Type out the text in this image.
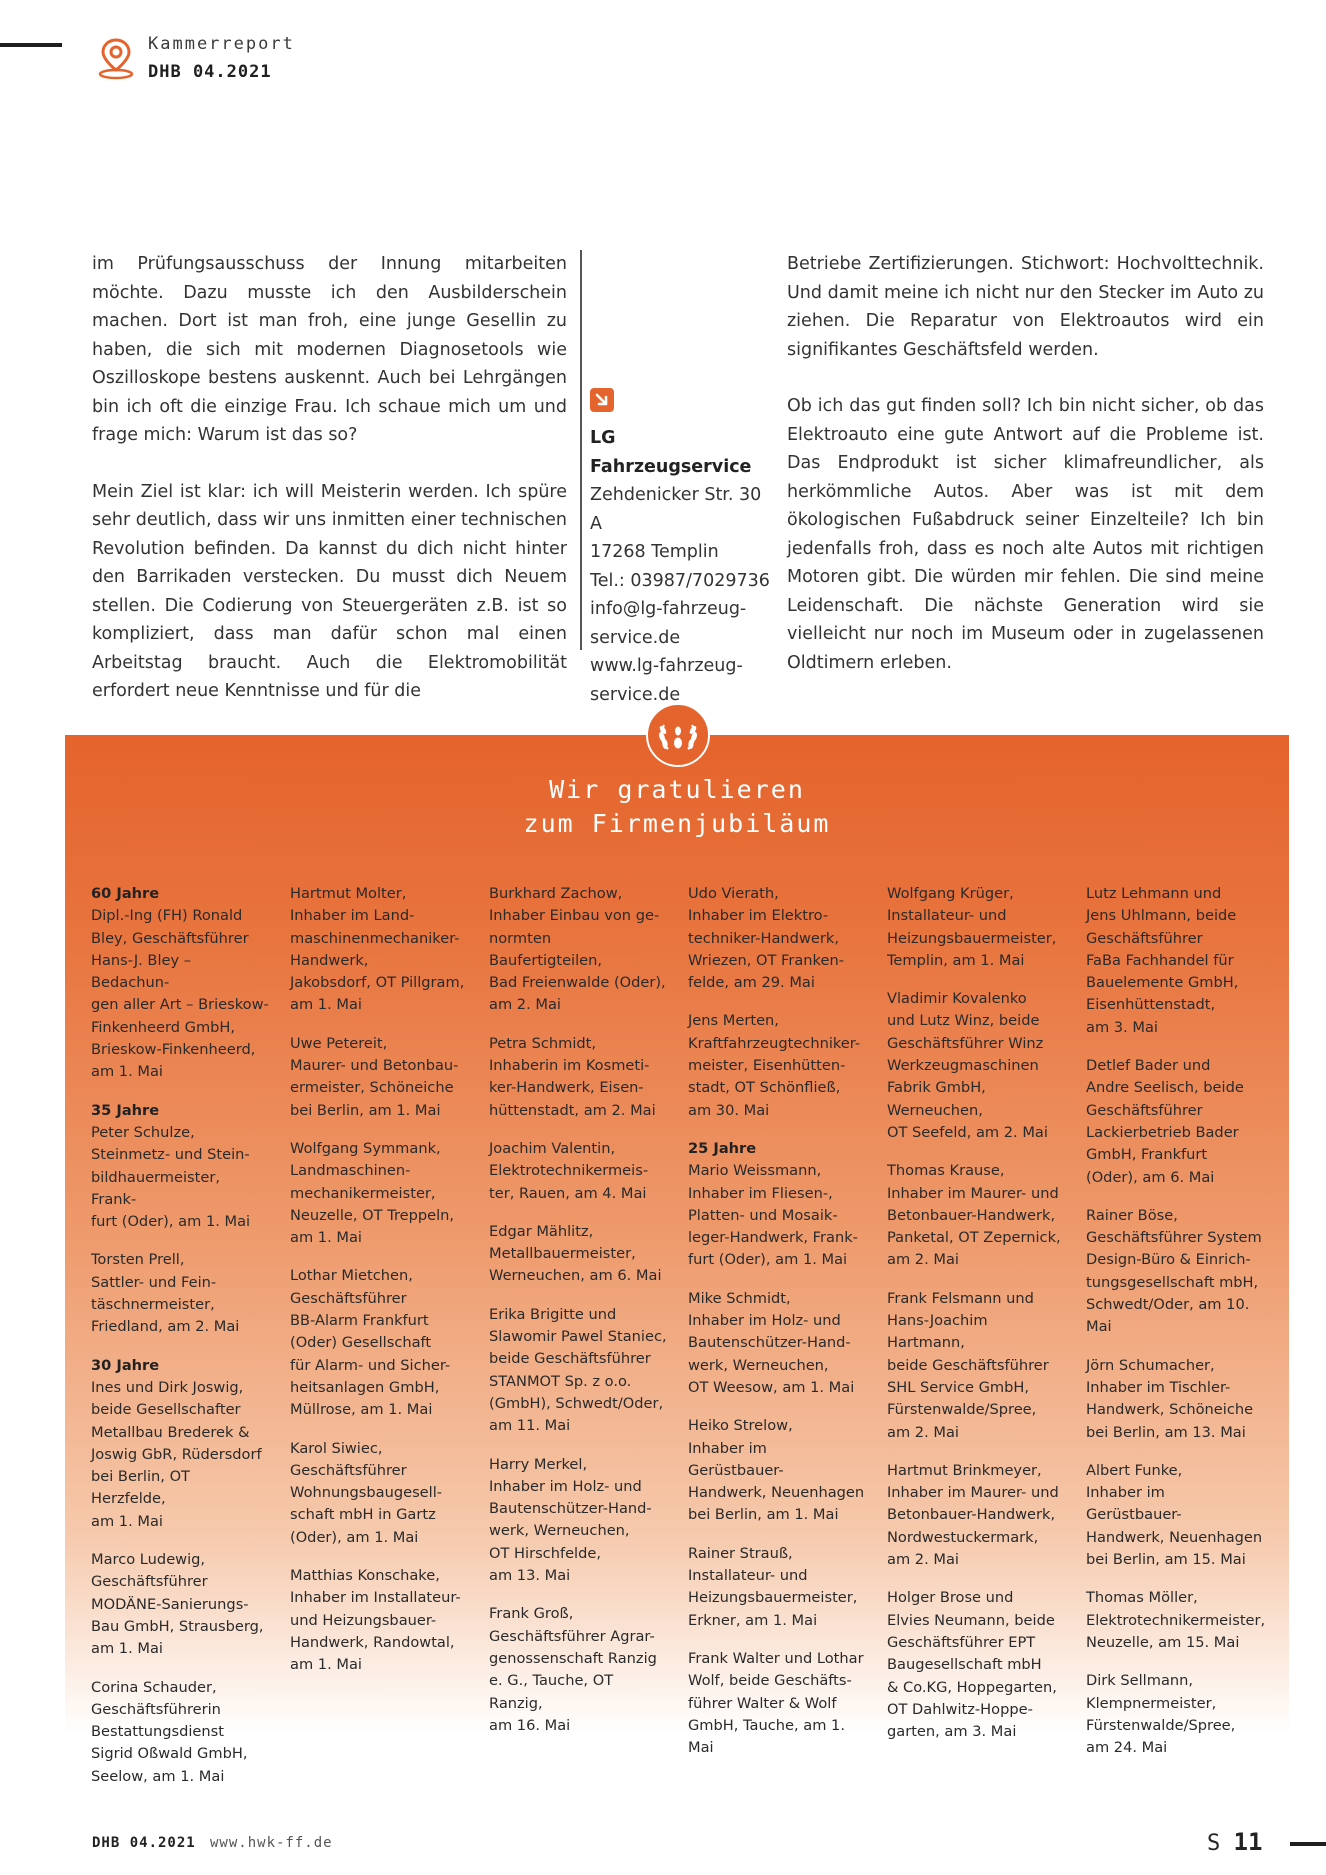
Kammerreport
DHB 04.2021

im Prüfungsausschuss der Innung mitarbeiten möchte. Dazu musste ich den Ausbilderschein machen. Dort ist man froh, eine junge Gesellin zu haben, die sich mit modernen Diagnosetools wie Oszilloskope bestens auskennt. Auch bei Lehrgängen bin ich oft die einzige Frau. Ich schaue mich um und frage mich: Warum ist das so?

Mein Ziel ist klar: ich will Meisterin werden. Ich spüre sehr deutlich, dass wir uns inmitten einer technischen Revolution befinden. Da kannst du dich nicht hinter den Barrikaden verstecken. Du musst dich Neuem stellen. Die Codierung von Steuergeräten z.B. ist so kompliziert, dass man dafür schon mal einen Arbeitstag braucht. Auch die Elektromobilität erfordert neue Kenntnisse und für die

LG Fahrzeugservice
Zehdenicker Str. 30 A
17268 Templin
Tel.: 03987/7029736
info@lg-fahrzeug-
service.de
www.lg-fahrzeug-
service.de

Betriebe Zertifizierungen. Stichwort: Hochvolttechnik. Und damit meine ich nicht nur den Stecker im Auto zu ziehen. Die Reparatur von Elektroautos wird ein signifikantes Geschäftsfeld werden.

Ob ich das gut finden soll? Ich bin nicht sicher, ob das Elektroauto eine gute Antwort auf die Probleme ist. Das Endprodukt ist sicher klimafreundlicher, als herkömmliche Autos. Aber was ist mit dem ökologischen Fußabdruck seiner Einzelteile? Ich bin jedenfalls froh, dass es noch alte Autos mit richtigen Motoren gibt. Die würden mir fehlen. Die sind meine Leidenschaft. Die nächste Generation wird sie vielleicht nur noch im Museum oder in zugelassenen Oldtimern erleben.

Wir gratulieren
zum Firmenjubiläum
60 Jahre
Dipl.-Ing (FH) Ronald
Bley, Geschäftsführer
Hans-J. Bley – Bedachun-
gen aller Art – Brieskow-
Finkenheerd GmbH,
Brieskow-Finkenheerd,
am 1. Mai
35 Jahre
Peter Schulze,
Steinmetz- und Stein-
bildhauermeister, Frank-
furt (Oder), am 1. Mai
Torsten Prell,
Sattler- und Fein-
täschnermeister,
Friedland, am 2. Mai
30 Jahre
Ines und Dirk Joswig,
beide Gesellschafter
Metallbau Brederek &
Joswig GbR, Rüdersdorf
bei Berlin, OT Herzfelde,
am 1. Mai
Marco Ludewig,
Geschäftsführer
MODÄNE-Sanierungs-
Bau GmbH, Strausberg,
am 1. Mai
Corina Schauder,
Geschäftsführerin
Bestattungsdienst
Sigrid Oßwald GmbH,
Seelow, am 1. Mai
Hartmut Molter,
Inhaber im Land-
maschinenmechaniker-
Handwerk,
Jakobsdorf, OT Pillgram,
am 1. Mai
Uwe Petereit,
Maurer- und Betonbau-
ermeister, Schöneiche
bei Berlin, am 1. Mai
Wolfgang Symmank,
Landmaschinen-
mechanikermeister,
Neuzelle, OT Treppeln,
am 1. Mai
Lothar Mietchen,
Geschäftsführer
BB-Alarm Frankfurt
(Oder) Gesellschaft
für Alarm- und Sicher-
heitsanlagen GmbH,
Müllrose, am 1. Mai
Karol Siwiec,
Geschäftsführer
Wohnungsbaugesell-
schaft mbH in Gartz
(Oder), am 1. Mai
Matthias Konschake,
Inhaber im Installateur-
und Heizungsbauer-
Handwerk, Randowtal,
am 1. Mai
Burkhard Zachow,
Inhaber Einbau von ge-
normten Baufertigteilen,
Bad Freienwalde (Oder),
am 2. Mai
Petra Schmidt,
Inhaberin im Kosmeti-
ker-Handwerk, Eisen-
hüttenstadt, am 2. Mai
Joachim Valentin,
Elektrotechnikermeis-
ter, Rauen, am 4. Mai
Edgar Mählitz,
Metallbauermeister,
Werneuchen, am 6. Mai
Erika Brigitte und
Slawomir Pawel Staniec,
beide Geschäftsführer
STANMOT Sp. z o.o.
(GmbH), Schwedt/Oder,
am 11. Mai
Harry Merkel,
Inhaber im Holz- und
Bautenschützer-Hand-
werk, Werneuchen,
OT Hirschfelde,
am 13. Mai
Frank Groß,
Geschäftsführer Agrar-
genossenschaft Ranzig
e. G., Tauche, OT Ranzig,
am 16. Mai
Udo Vierath,
Inhaber im Elektro-
techniker-Handwerk,
Wriezen, OT Franken-
felde, am 29. Mai
Jens Merten,
Kraftfahrzeugtechniker-
meister, Eisenhütten-
stadt, OT Schönfließ,
am 30. Mai
25 Jahre
Mario Weissmann,
Inhaber im Fliesen-,
Platten- und Mosaik-
leger-Handwerk, Frank-
furt (Oder), am 1. Mai
Mike Schmidt,
Inhaber im Holz- und
Bautenschützer-Hand-
werk, Werneuchen,
OT Weesow, am 1. Mai
Heiko Strelow,
Inhaber im Gerüstbauer-
Handwerk, Neuenhagen
bei Berlin, am 1. Mai
Rainer Strauß,
Installateur- und
Heizungsbauermeister,
Erkner, am 1. Mai
Frank Walter und Lothar
Wolf, beide Geschäfts-
führer Walter & Wolf
GmbH, Tauche, am 1. Mai
Wolfgang Krüger,
Installateur- und
Heizungsbauermeister,
Templin, am 1. Mai
Vladimir Kovalenko
und Lutz Winz, beide
Geschäftsführer Winz
Werkzeugmaschinen
Fabrik GmbH, Werneuchen,
OT Seefeld, am 2. Mai
Thomas Krause,
Inhaber im Maurer- und
Betonbauer-Handwerk,
Panketal, OT Zepernick,
am 2. Mai
Frank Felsmann und
Hans-Joachim Hartmann,
beide Geschäftsführer
SHL Service GmbH,
Fürstenwalde/Spree,
am 2. Mai
Hartmut Brinkmeyer,
Inhaber im Maurer- und
Betonbauer-Handwerk,
Nordwestuckermark,
am 2. Mai
Holger Brose und
Elvies Neumann, beide
Geschäftsführer EPT
Baugesellschaft mbH
& Co.KG, Hoppegarten,
OT Dahlwitz-Hoppe-
garten, am 3. Mai
Lutz Lehmann und
Jens Uhlmann, beide
Geschäftsführer
FaBa Fachhandel für
Bauelemente GmbH,
Eisenhüttenstadt,
am 3. Mai
Detlef Bader und
Andre Seelisch, beide
Geschäftsführer
Lackierbetrieb Bader
GmbH, Frankfurt
(Oder), am 6. Mai
Rainer Böse,
Geschäftsführer System
Design-Büro & Einrich-
tungsgesellschaft mbH,
Schwedt/Oder, am 10. Mai
Jörn Schumacher,
Inhaber im Tischler-
Handwerk, Schöneiche
bei Berlin, am 13. Mai
Albert Funke,
Inhaber im Gerüstbauer-
Handwerk, Neuenhagen
bei Berlin, am 15. Mai
Thomas Möller,
Elektrotechnikermeister,
Neuzelle, am 15. Mai
Dirk Sellmann,
Klempnermeister,
Fürstenwalde/Spree,
am 24. Mai
DHB 04.2021 www.hwk-ff.de	S 11
